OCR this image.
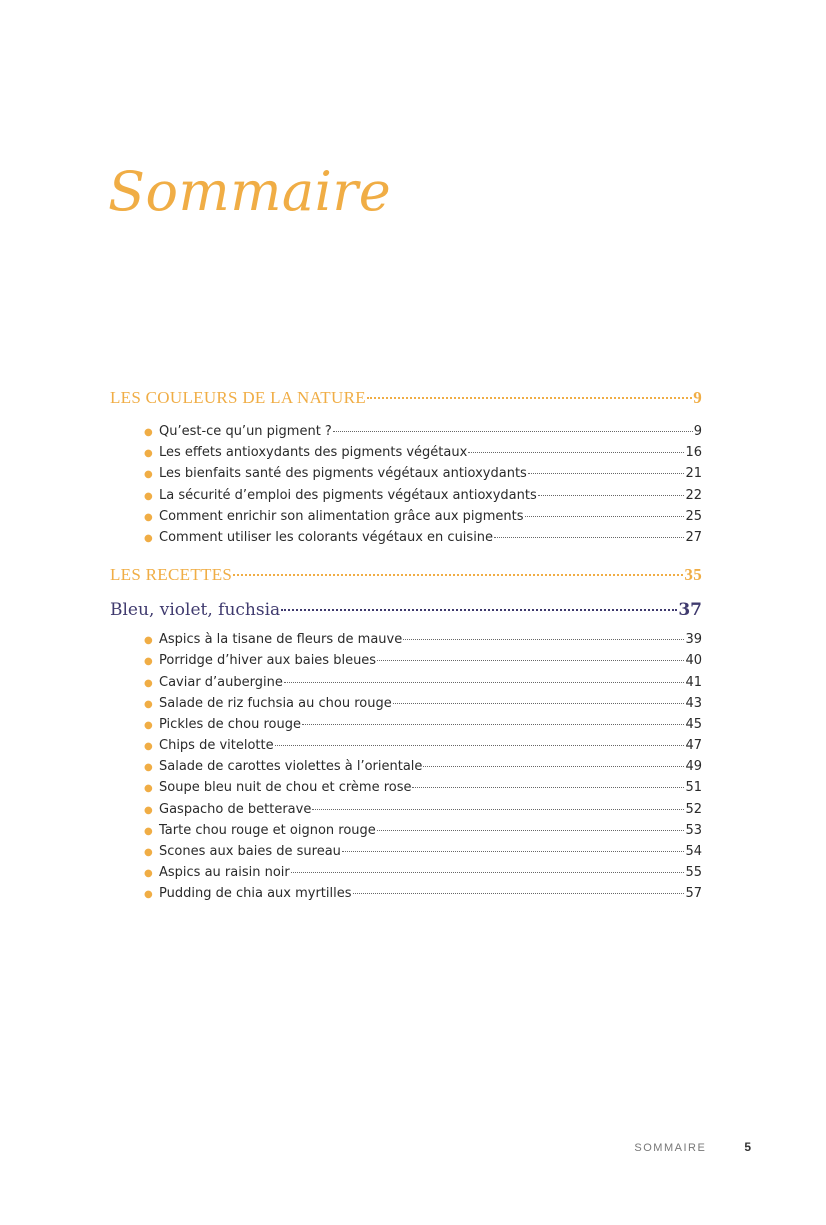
Sommaire
LES COULEURS DE LA NATURE	9
● Qu’est-ce qu’un pigment ?	9
● Les effets antioxydants des pigments végétaux	16
● Les bienfaits santé des pigments végétaux antioxydants	21
● La sécurité d’emploi des pigments végétaux antioxydants	22
● Comment enrichir son alimentation grâce aux pigments	25
● Comment utiliser les colorants végétaux en cuisine	27
LES RECETTES	35
Bleu, violet, fuchsia	37
● Aspics à la tisane de fleurs de mauve	39
● Porridge d’hiver aux baies bleues	40
● Caviar d’aubergine	41
● Salade de riz fuchsia au chou rouge	43
● Pickles de chou rouge	45
● Chips de vitelotte	47
● Salade de carottes violettes à l’orientale	49
● Soupe bleu nuit de chou et crème rose	51
● Gaspacho de betterave	52
● Tarte chou rouge et oignon rouge	53
● Scones aux baies de sureau	54
● Aspics au raisin noir	55
● Pudding de chia aux myrtilles	57
SOMMAIRE	5
